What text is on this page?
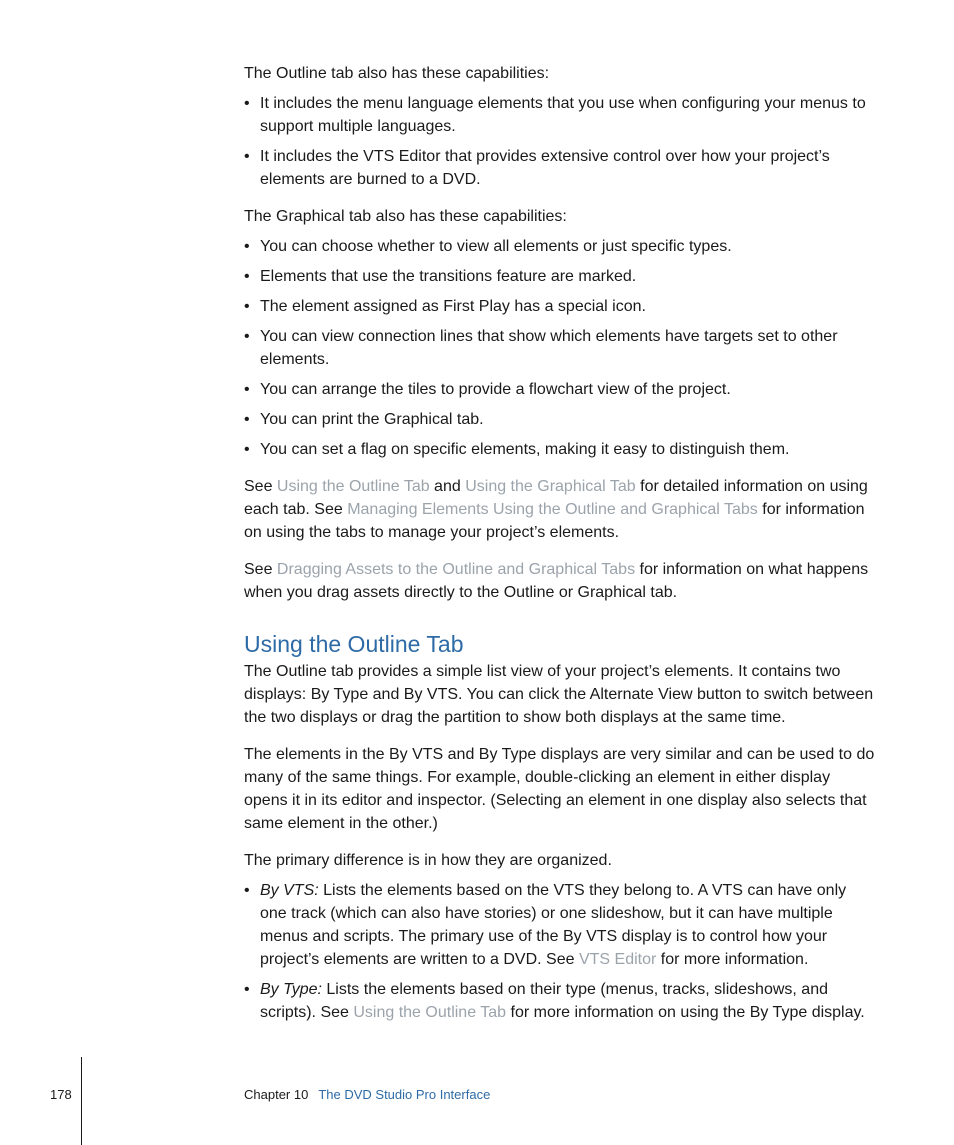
The Outline tab also has these capabilities:

• It includes the menu language elements that you use when configuring your menus to support multiple languages.
• It includes the VTS Editor that provides extensive control over how your project’s elements are burned to a DVD.

The Graphical tab also has these capabilities:

• You can choose whether to view all elements or just specific types.
• Elements that use the transitions feature are marked.
• The element assigned as First Play has a special icon.
• You can view connection lines that show which elements have targets set to other elements.
• You can arrange the tiles to provide a flowchart view of the project.
• You can print the Graphical tab.
• You can set a flag on specific elements, making it easy to distinguish them.

See Using the Outline Tab and Using the Graphical Tab for detailed information on using each tab. See Managing Elements Using the Outline and Graphical Tabs for information on using the tabs to manage your project’s elements.

See Dragging Assets to the Outline and Graphical Tabs for information on what happens when you drag assets directly to the Outline or Graphical tab.

Using the Outline Tab

The Outline tab provides a simple list view of your project’s elements. It contains two displays: By Type and By VTS. You can click the Alternate View button to switch between the two displays or drag the partition to show both displays at the same time.

The elements in the By VTS and By Type displays are very similar and can be used to do many of the same things. For example, double-clicking an element in either display opens it in its editor and inspector. (Selecting an element in one display also selects that same element in the other.)

The primary difference is in how they are organized.

• By VTS: Lists the elements based on the VTS they belong to. A VTS can have only one track (which can also have stories) or one slideshow, but it can have multiple menus and scripts. The primary use of the By VTS display is to control how your project’s elements are written to a DVD. See VTS Editor for more information.
• By Type: Lists the elements based on their type (menus, tracks, slideshows, and scripts). See Using the Outline Tab for more information on using the By Type display.
178	Chapter 10 The DVD Studio Pro Interface
